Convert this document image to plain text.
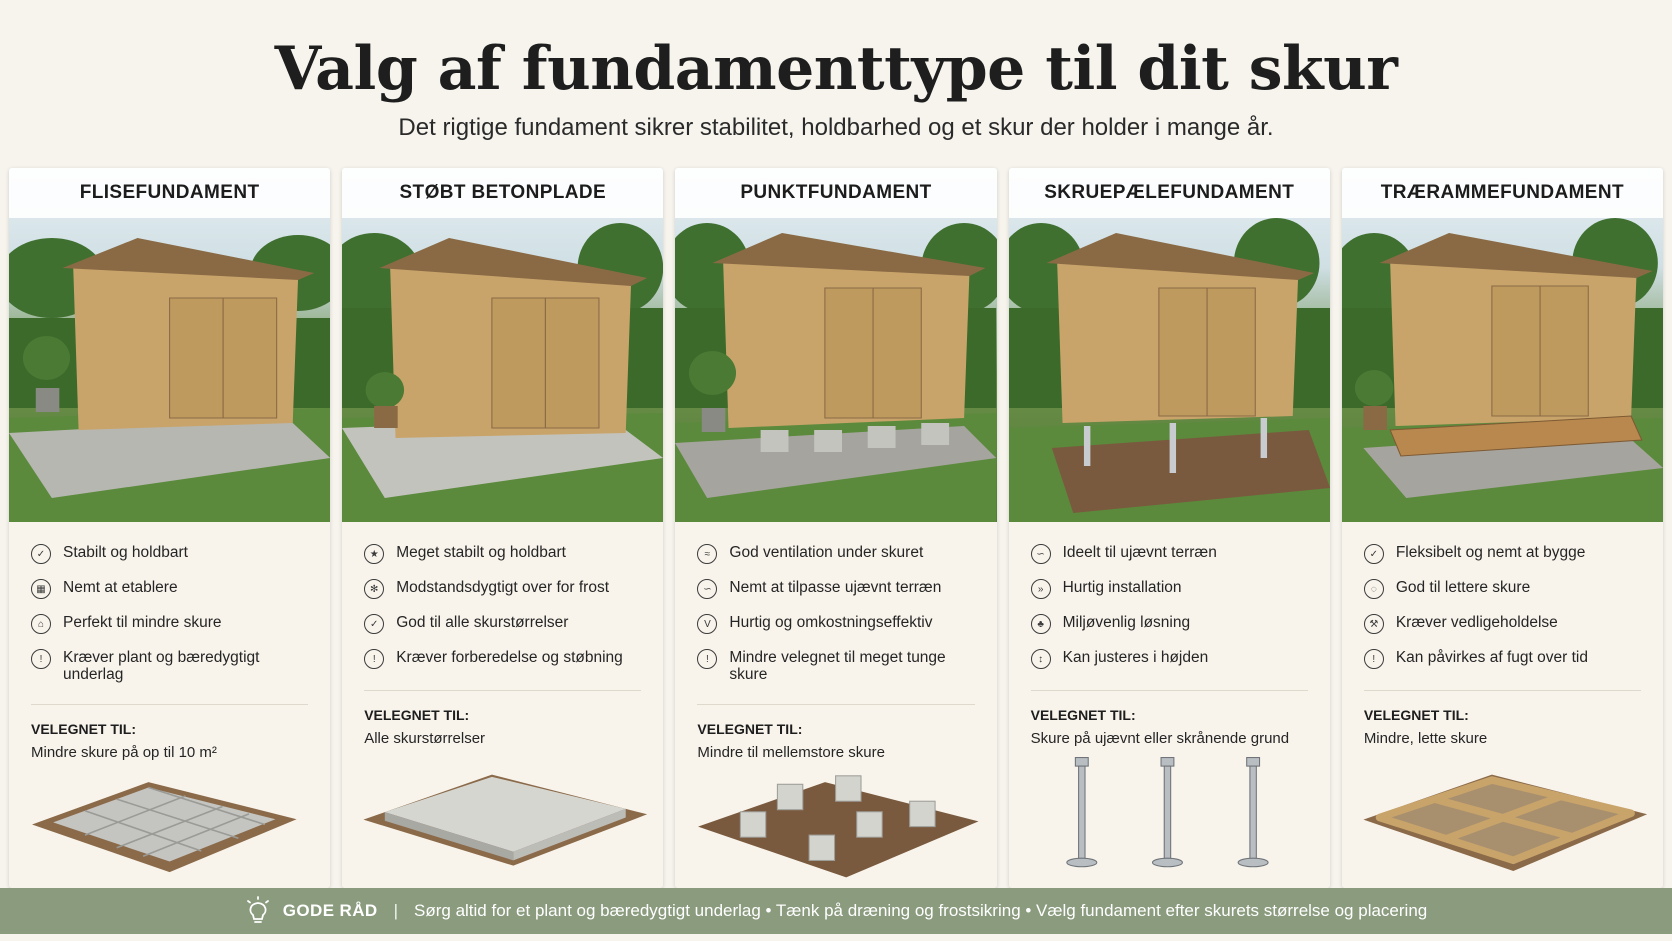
Valg af fundamenttype til dit skur

Det rigtige fundament sikrer stabilitet, holdbarhed og et skur der holder i mange år.

FLISEFUNDAMENT
✓	Stabilt og holdbart
▦	Nemt at etablere
⌂	Perfekt til mindre skure
!	Kræver plant og bæredygtigt underlag
VELEGNET TIL:
Mindre skure på op til 10 m²
STØBT BETONPLADE
★	Meget stabilt og holdbart
✻	Modstandsdygtigt over for frost
✓	God til alle skurstørrelser
!	Kræver forberedelse og støbning
VELEGNET TIL:
Alle skurstørrelser
PUNKTFUNDAMENT
≈	God ventilation under skuret
∽	Nemt at tilpasse ujævnt terræn
V	Hurtig og omkostningseffektiv
!	Mindre velegnet til meget tunge skure
VELEGNET TIL:
Mindre til mellemstore skure
SKRUEPÆLEFUNDAMENT
∽	Ideelt til ujævnt terræn
»	Hurtig installation
♣	Miljøvenlig løsning
↕	Kan justeres i højden
VELEGNET TIL:
Skure på ujævnt eller skrånende grund
TRÆRAMMEFUNDAMENT
✓	Fleksibelt og nemt at bygge
◌	God til lettere skure
⚒	Kræver vedligeholdelse
!	Kan påvirkes af fugt over tid
VELEGNET TIL:
Mindre, lette skure
GODE RÅD | Sørg altid for et plant og bæredygtigt underlag • Tænk på dræning og frostsikring • Vælg fundament efter skurets størrelse og placering
